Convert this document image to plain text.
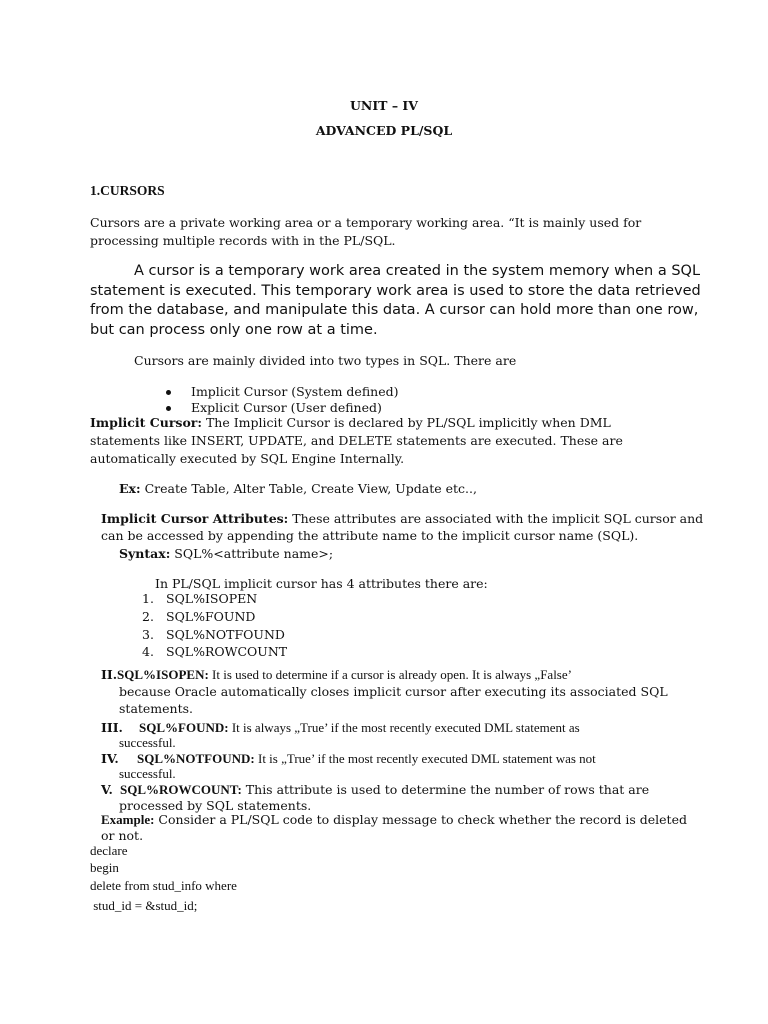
UNIT – IV
ADVANCED PL/SQL
1.CURSORS
Cursors are a private working area or a temporary working area. “It is mainly used for
processing multiple records with in the PL/SQL.
A cursor is a temporary work area created in the system memory when a SQL
statement is executed. This temporary work area is used to store the data retrieved
from the database, and manipulate this data. A cursor can hold more than one row,
but can process only one row at a time.
Cursors are mainly divided into two types in SQL. There are
Implicit Cursor (System defined)
Explicit Cursor (User defined)
Implicit Cursor: The Implicit Cursor is declared by PL/SQL implicitly when DML
statements like INSERT, UPDATE, and DELETE statements are executed. These are
automatically executed by SQL Engine Internally.
Ex: Create Table, Alter Table, Create View, Update etc..,
Implicit Cursor Attributes: These attributes are associated with the implicit SQL cursor and
can be accessed by appending the attribute name to the implicit cursor name (SQL).
Syntax: SQL%<attribute name>;
In PL/SQL implicit cursor has 4 attributes there are:
1. SQL%ISOPEN
2. SQL%FOUND
3. SQL%NOTFOUND
4. SQL%ROWCOUNT
II.SQL%ISOPEN: It is used to determine if a cursor is already open. It is always „False’
because Oracle automatically closes implicit cursor after executing its associated SQL
statements.
III. SQL%FOUND: It is always „True’ if the most recently executed DML statement as
successful.
IV. SQL%NOTFOUND: It is „True’ if the most recently executed DML statement was not
successful.
V. SQL%ROWCOUNT: This attribute is used to determine the number of rows that are
processed by SQL statements.
Example: Consider a PL/SQL code to display message to check whether the record is deleted
or not.
declare
begin
delete from stud_info where
stud_id = &stud_id;
